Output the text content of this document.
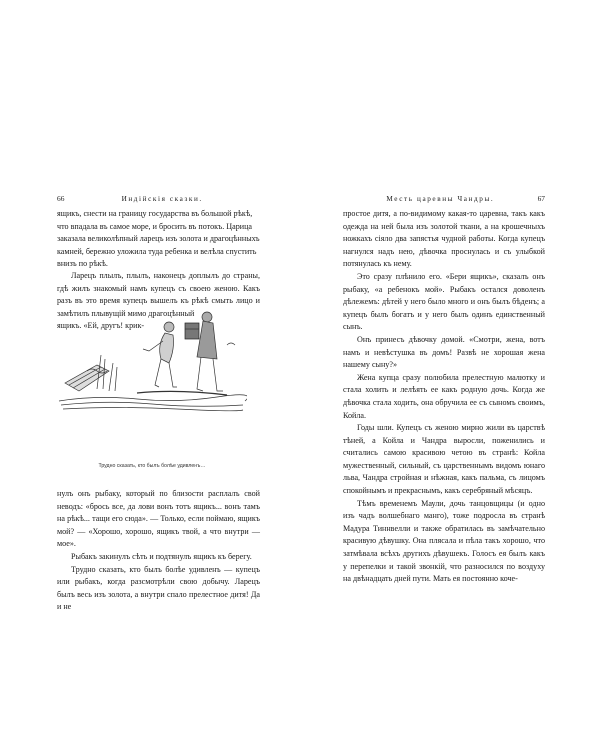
66	Индійскія сказки.

ящикъ, снести на границу государства въ большой рѣкѣ,

что впадала въ самое море, и бросить въ потокъ. Царица

заказала великолѣпный ларецъ изъ золота и драгоцѣнныхъ

камней, бережно уложила туда ребенка и велѣла спустить

внизъ по рѣкѣ.

Ларецъ плылъ, плылъ, наконецъ доплылъ до страны, гдѣ жилъ знакомый намъ купецъ съ своею женою. Какъ разъ въ это время купецъ вышелъ къ рѣкѣ смыть лицо и замѣтилъ плывущій мимо драгоцѣнный

ящикъ. «Ей, другъ! крик-

Трудно сказать, кто былъ болѣе удивленъ…

нулъ онъ рыбаку, который по близости расплалъ свой неводъ: «брось все, да лови вонъ тотъ ящикъ... вонъ тамъ на рѣкѣ... тащи его сюда». — Только, если поймаю, ящикъ мой? — «Хорошо, хорошо, ящикъ твой, а что внутри — мое».

Рыбакъ закинулъ сѣть и подтянулъ ящикъ къ берегу.

Трудно сказать, кто былъ болѣе удивленъ — купецъ или рыбакъ, когда разсмотрѣли свою добычу. Ларецъ былъ весь изъ золота, а внутри спало прелестное дитя! Да и не

Месть царевны Чандры.	67

простое дитя, а по-видимому какая-то царевна, такъ какъ одежда на ней была изъ золотой ткани, а на крошечныхъ ножкахъ сіяло два запястья чудной работы. Когда купецъ нагнулся надъ нею, дѣвочка проснулась и съ улыбкой потянулась къ нему.

Это сразу плѣнило его. «Бери ящикъ», сказалъ онъ рыбаку, «а ребенокъ мой». Рыбакъ остался доволенъ дѣлежемъ: дѣтей у него было много и онъ былъ бѣденъ; а купецъ былъ богатъ и у него былъ одинъ единственный сынъ.

Онъ принесъ дѣвочку домой. «Смотри, жена, вотъ намъ и невѣстушка въ домъ! Развѣ не хорошая жена нашему сыну?»

Жена купца сразу полюбила прелестную малютку и стала холить и лелѣять ее какъ родную дочь. Когда же дѣвочка стала ходить, она обручила ее съ сыномъ своимъ, Койла.

Годы шли. Купецъ съ женою мирно жили въ царствѣ тѣней, а Койла и Чандра выросли, поженились и считались самою красивою четою въ странѣ: Койла мужественный, сильный, съ царственнымъ видомъ юнаго льва, Чандра стройная и нѣжная, какъ пальма, съ лицомъ спокойнымъ и прекраснымъ, какъ серебряный мѣсяцъ.

Тѣмъ временемъ Маули, дочь танцовщицы (и одно изъ чадъ волшебнаго манго), тоже подросла въ странѣ Мадура Тиннвелли и также обратилась въ замѣчательно красивую дѣвушку. Она плясала и пѣла такъ хорошо, что затмѣвала всѣхъ другихъ дѣвушекъ. Голосъ ея былъ какъ у перепелки и такой звонкій, что разносился по воздуху на двѣнадцать дней пути. Мать ея постоянно кочe-
